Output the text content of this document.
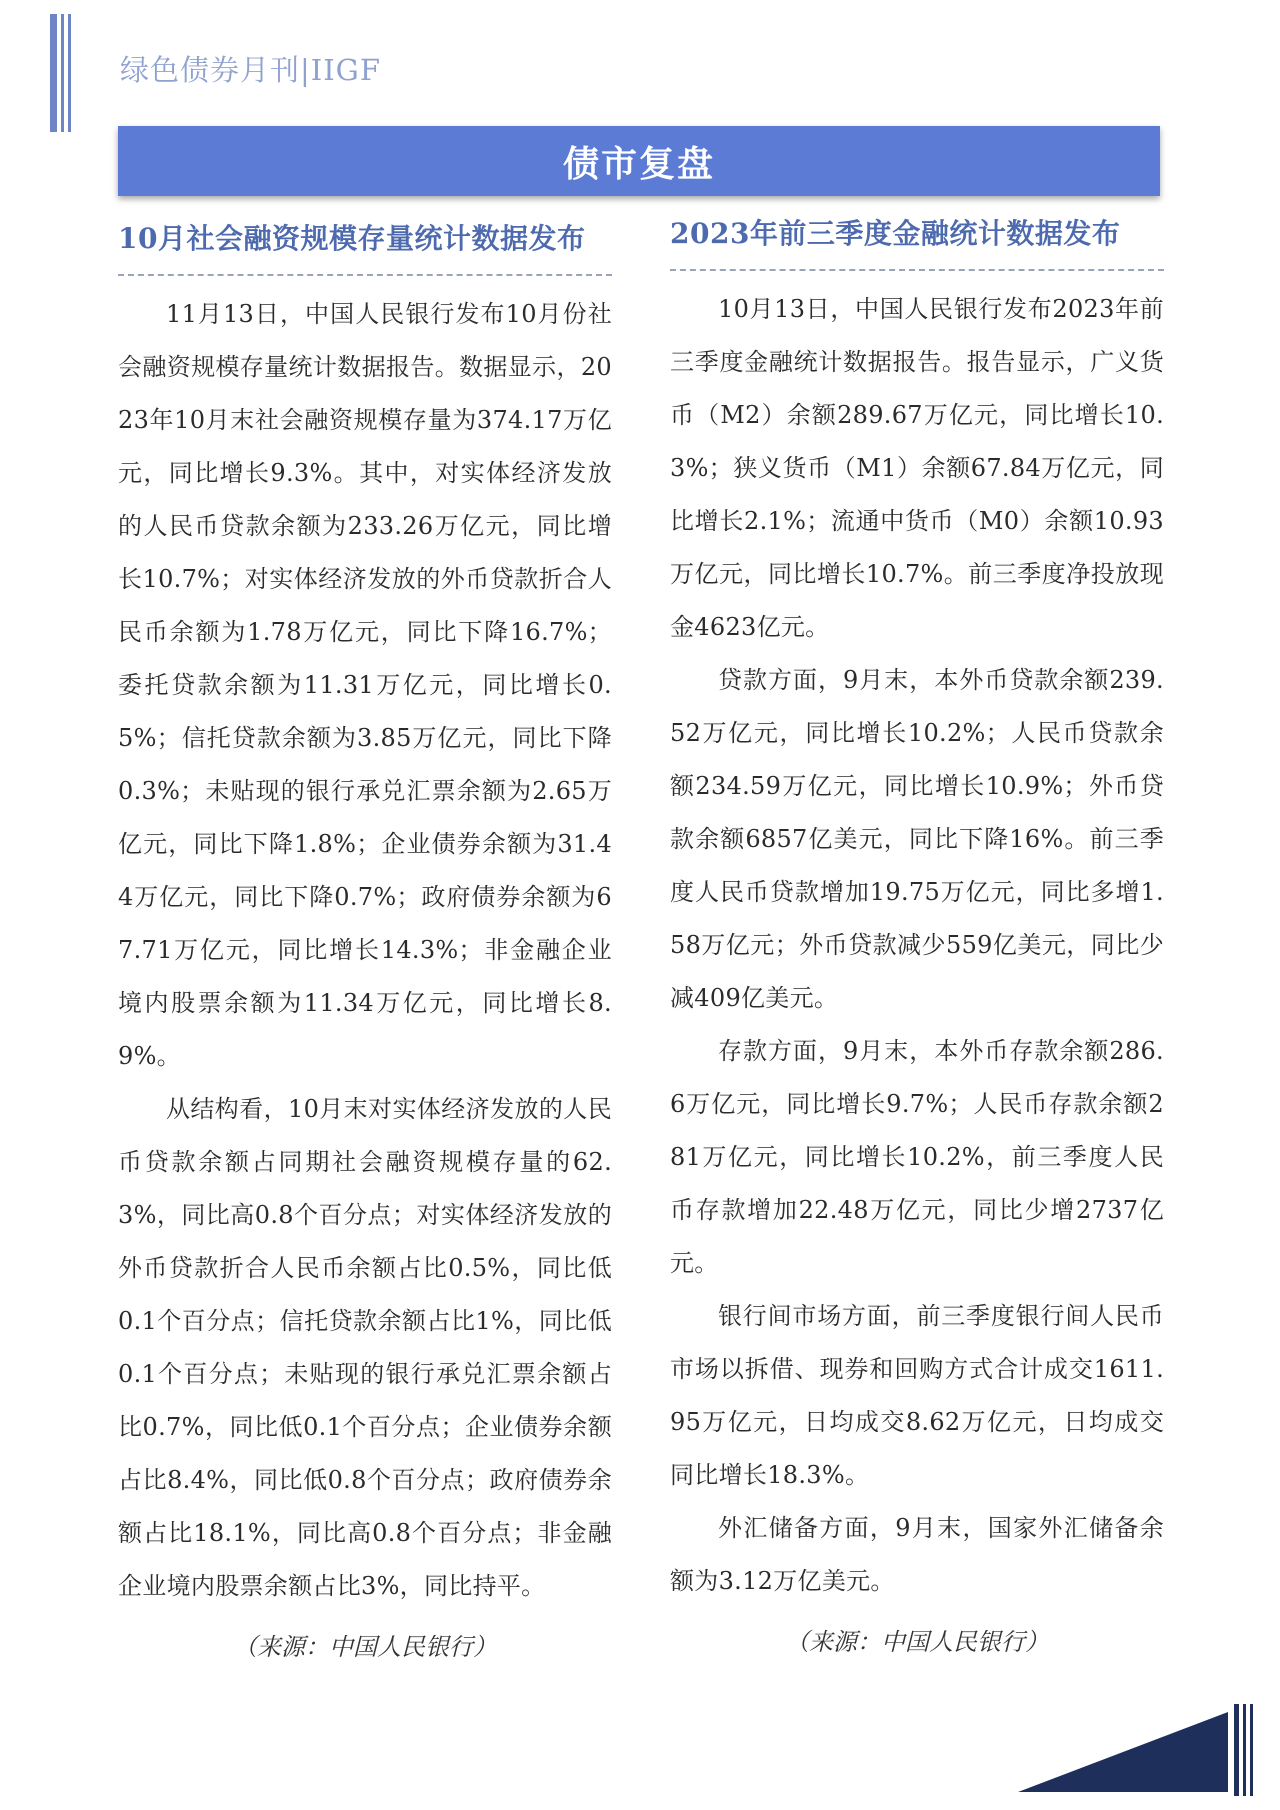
绿色债券月刊|IIGF
债市复盘
10月社会融资规模存量统计数据发布

11月13日，中国人民银行发布10月份社会融资规模存量统计数据报告。数据显示，2023年10月末社会融资规模存量为374.17万亿元，同比增长9.3%。其中，对实体经济发放的人民币贷款余额为233.26万亿元，同比增长10.7%；对实体经济发放的外币贷款折合人民币余额为1.78万亿元，同比下降16.7%；委托贷款余额为11.31万亿元，同比增长0.5%；信托贷款余额为3.85万亿元，同比下降0.3%；未贴现的银行承兑汇票余额为2.65万亿元，同比下降1.8%；企业债券余额为31.44万亿元，同比下降0.7%；政府债券余额为67.71万亿元，同比增长14.3%；非金融企业境内股票余额为11.34万亿元，同比增长8.9%。

从结构看，10月末对实体经济发放的人民币贷款余额占同期社会融资规模存量的62.3%，同比高0.8个百分点；对实体经济发放的外币贷款折合人民币余额占比0.5%，同比低0.1个百分点；信托贷款余额占比1%，同比低0.1个百分点；未贴现的银行承兑汇票余额占比0.7%，同比低0.1个百分点；企业债券余额占比8.4%，同比低0.8个百分点；政府债券余额占比18.1%，同比高0.8个百分点；非金融企业境内股票余额占比3%，同比持平。

（来源：中国人民银行）

2023年前三季度金融统计数据发布

10月13日，中国人民银行发布2023年前三季度金融统计数据报告。报告显示，广义货币（M2）余额289.67万亿元，同比增长10.3%；狭义货币（M1）余额67.84万亿元，同比增长2.1%；流通中货币（M0）余额10.93万亿元，同比增长10.7%。前三季度净投放现金4623亿元。

贷款方面，9月末，本外币贷款余额239.52万亿元，同比增长10.2%；人民币贷款余额234.59万亿元，同比增长10.9%；外币贷款余额6857亿美元，同比下降16%。前三季度人民币贷款增加19.75万亿元，同比多增1.58万亿元；外币贷款减少559亿美元，同比少减409亿美元。

存款方面，9月末，本外币存款余额286.6万亿元，同比增长9.7%；人民币存款余额281万亿元，同比增长10.2%，前三季度人民币存款增加22.48万亿元，同比少增2737亿元。

银行间市场方面，前三季度银行间人民币市场以拆借、现券和回购方式合计成交1611.95万亿元，日均成交8.62万亿元，日均成交同比增长18.3%。

外汇储备方面，9月末，国家外汇储备余额为3.12万亿美元。

（来源：中国人民银行）

1
